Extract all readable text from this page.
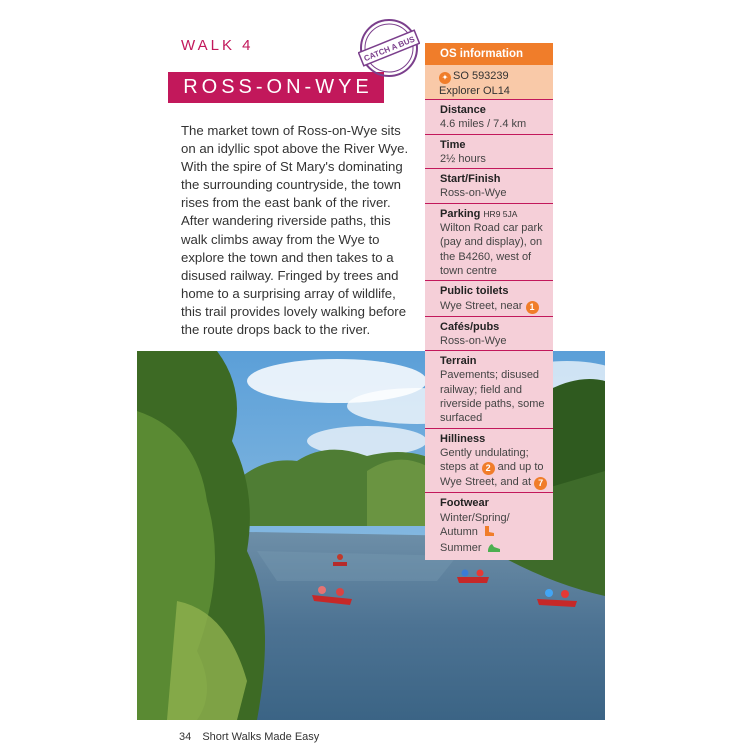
WALK 4
ROSS-ON-WYE
CATCH A BUS
The market town of Ross-on-Wye sits on an idyllic spot above the River Wye. With the spire of St Mary's dominating the surrounding countryside, the town rises from the east bank of the river. After wandering riverside paths, this walk climbs away from the Wye to explore the town and then takes to a disused railway. Fringed by trees and home to a surprising array of wildlife, this trail provides lovely walking before the route drops back to the river.
OS information
✦ SO 593239
Explorer OL14
Distance
4.6 miles / 7.4 km
Time
2½ hours
Start/Finish
Ross-on-Wye
Parking HR9 5JA Wilton Road car park (pay and display), on the B4260, west of town centre
Public toilets
Wye Street, near 1
Cafés/pubs
Ross-on-Wye
Terrain
Pavements; disused railway; field and riverside paths, some surfaced
Hilliness
Gently undulating; steps at 2 and up to Wye Street, and at 7
Footwear
Winter/Spring/
Autumn
Summer
34 Short Walks Made Easy
